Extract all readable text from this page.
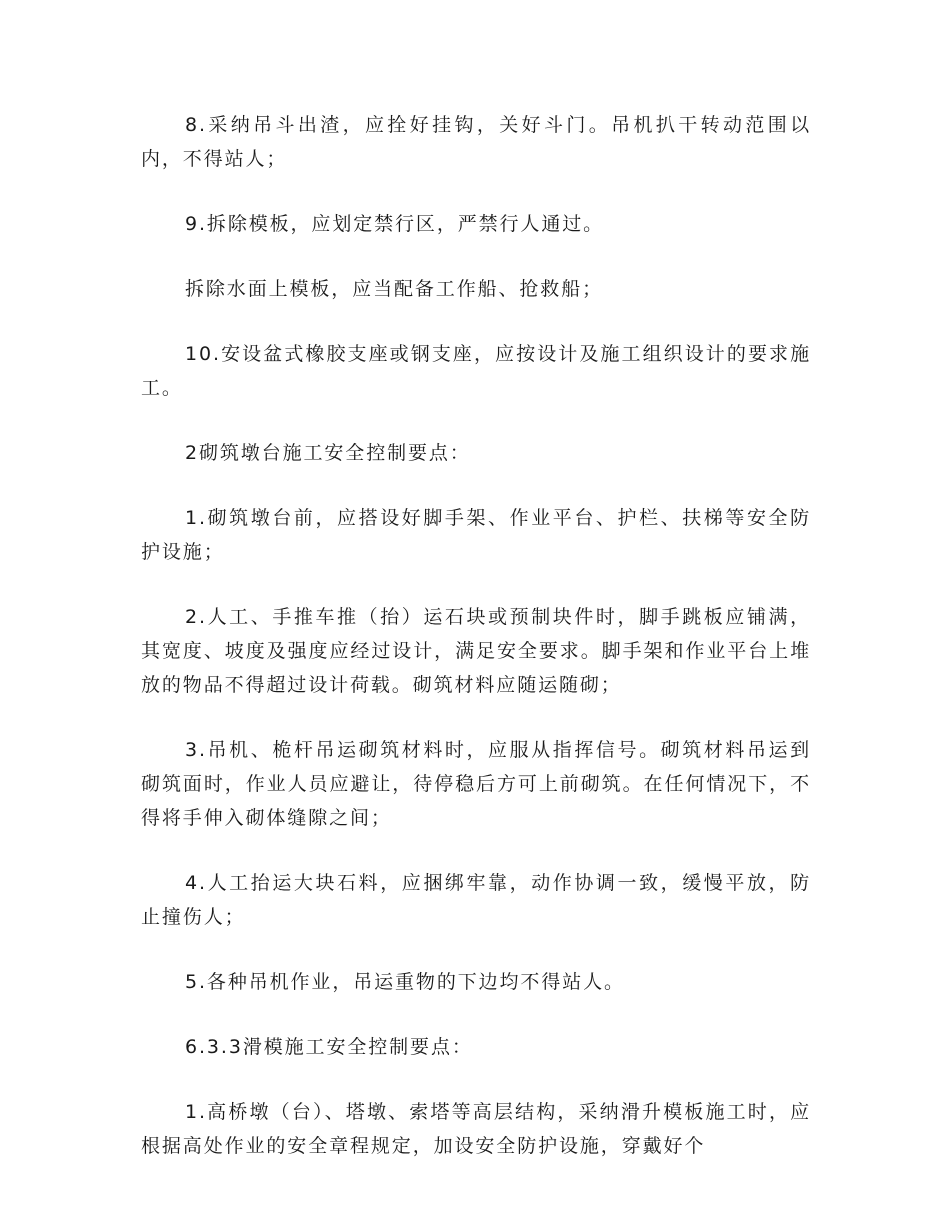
8.采纳吊斗出渣，应拴好挂钩，关好斗门。吊机扒干转动范围以内，不得站人；

9.拆除模板，应划定禁行区，严禁行人通过。

拆除水面上模板，应当配备工作船、抢救船；

10.安设盆式橡胶支座或钢支座，应按设计及施工组织设计的要求施工。

2砌筑墩台施工安全控制要点：

1.砌筑墩台前，应搭设好脚手架、作业平台、护栏、扶梯等安全防护设施；

2.人工、手推车推（抬）运石块或预制块件时，脚手跳板应铺满，其宽度、坡度及强度应经过设计，满足安全要求。脚手架和作业平台上堆放的物品不得超过设计荷载。砌筑材料应随运随砌；

3.吊机、桅杆吊运砌筑材料时，应服从指挥信号。砌筑材料吊运到砌筑面时，作业人员应避让，待停稳后方可上前砌筑。在任何情况下，不得将手伸入砌体缝隙之间；

4.人工抬运大块石料，应捆绑牢靠，动作协调一致，缓慢平放，防止撞伤人；

5.各种吊机作业，吊运重物的下边均不得站人。

6.3.3滑模施工安全控制要点：

1.高桥墩（台）、塔墩、索塔等高层结构，采纳滑升模板施工时，应根据高处作业的安全章程规定，加设安全防护设施，穿戴好个
